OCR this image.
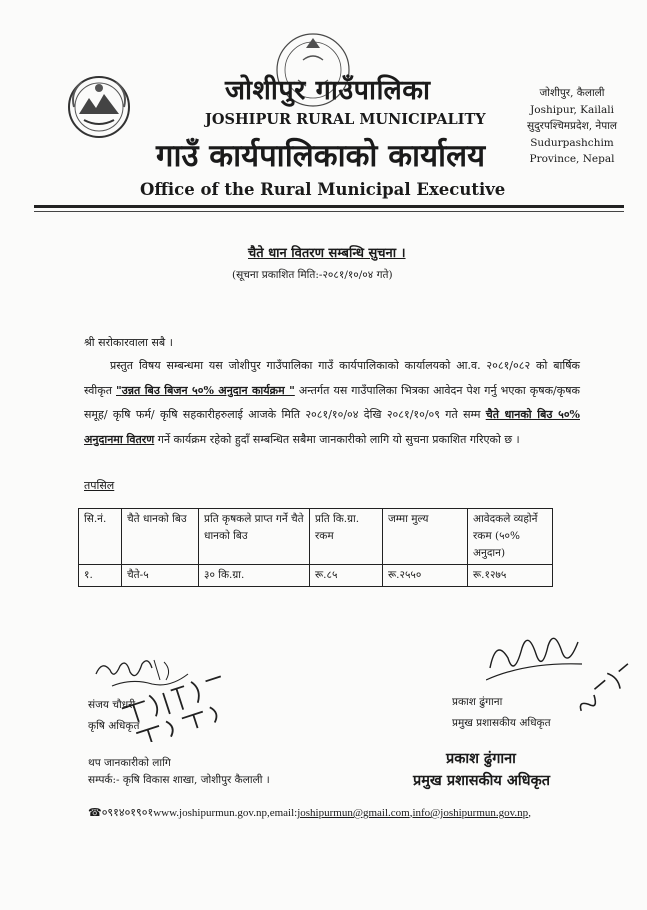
जोशीपुर गाउँपालिका
JOSHIPUR RURAL MUNICIPALITY
गाउँ कार्यपालिकाको कार्यालय
Office of the Rural Municipal Executive
जोशीपुर, कैलाली
Joshipur, Kailali
सुदुरपश्चिमप्रदेश, नेपाल
Sudurpashchim
Province, Nepal
चैते धान वितरण सम्बन्धि सुचना ।
(सूचना प्रकाशित मिति:-२०८१/१०/०४ गते)
श्री सरोकारवाला सबै ।
प्रस्तुत विषय सम्बन्धमा यस जोशीपुर गाउँपालिका गाउँ कार्यपालिकाको कार्यालयको आ.व. २०८१/०८२ को बार्षिक स्वीकृत "उन्नत बिउ बिजन ५०% अनुदान कार्यक्रम " अन्तर्गत यस गाउँपालिका भित्रका आवेदन पेश गर्नु भएका कृषक/कृषक समूह/ कृषि फर्म/ कृषि सहकारीहरुलाई आजके मिति २०८१/१०/०४ देखि २०८१/१०/०९ गते सम्म चैते धानको बिउ ५०% अनुदानमा वितरण गर्ने कार्यक्रम रहेको हुदाँ सम्बन्धित सबैमा जानकारीको लागि यो सुचना प्रकाशित गरिएको छ ।
तपसिल
सि.नं.	चैते धानको बिउ	प्रति कृषकले प्राप्त गर्ने चैते धानको बिउ	प्रति कि.ग्रा. रकम	जम्मा मुल्य	आवेदकले व्यहोर्ने रकम (५०% अनुदान)
१.	चैते-५	३० कि.ग्रा.	रू.८५	रू.२५५०	रू.१२७५
संजय चौधरी
कृषि अधिकृत
थप जानकारीको लागि
सम्पर्क:- कृषि विकास शाखा, जोशीपुर कैलाली ।
प्रकाश ढुंगाना
प्रमुख प्रशासकीय अधिकृत
प्रकाश ढुंगाना
प्रमुख प्रशासकीय अधिकृत
☎०९१४०१९०१www.joshipurmun.gov.np,email:joshipurmun@gmail.com,info@joshipurmun.gov.np,
